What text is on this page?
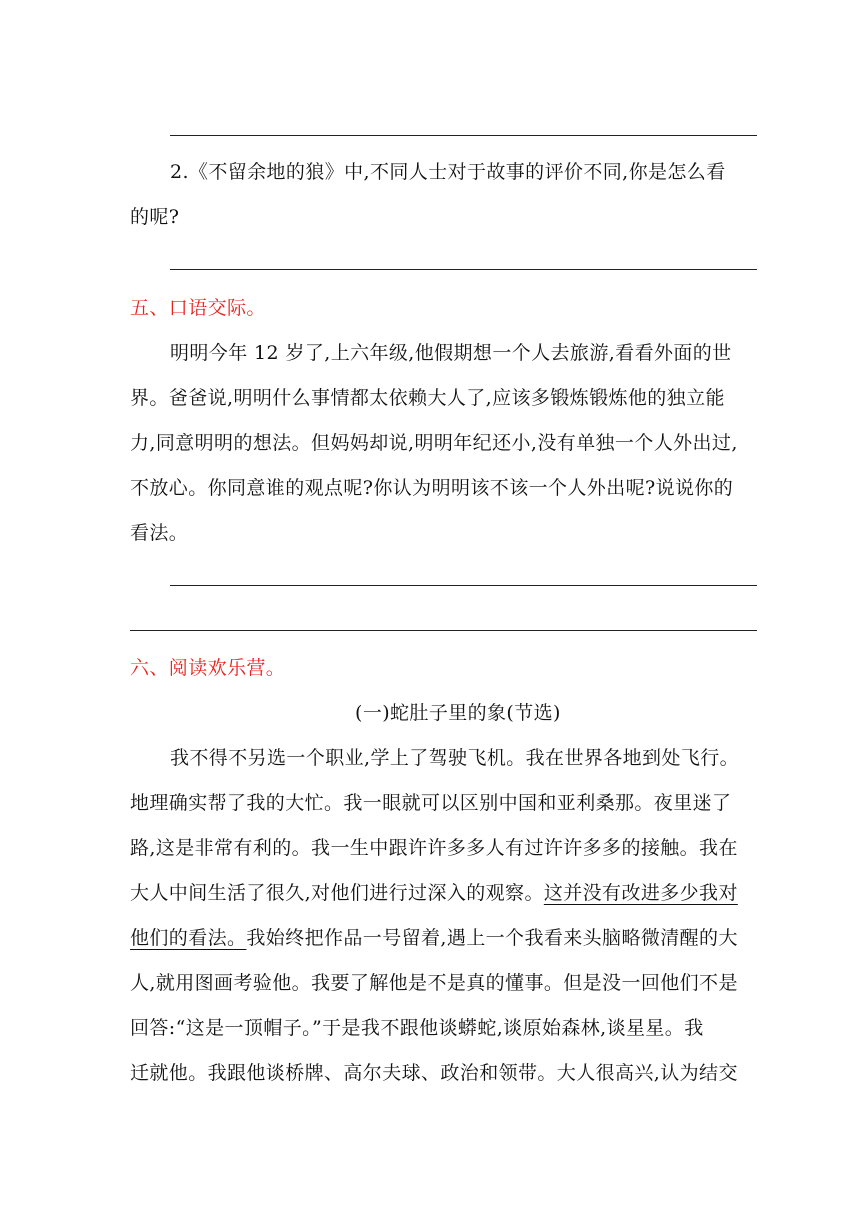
2.《不留余地的狼》中,不同人士对于故事的评价不同,你是怎么看
的呢?
五、口语交际。
明明今年 12 岁了,上六年级,他假期想一个人去旅游,看看外面的世
界。爸爸说,明明什么事情都太依赖大人了,应该多锻炼锻炼他的独立能
力,同意明明的想法。但妈妈却说,明明年纪还小,没有单独一个人外出过,
不放心。你同意谁的观点呢?你认为明明该不该一个人外出呢?说说你的
看法。
六、阅读欢乐营。
(一)蛇肚子里的象(节选)
我不得不另选一个职业,学上了驾驶飞机。我在世界各地到处飞行。
地理确实帮了我的大忙。我一眼就可以区别中国和亚利桑那。夜里迷了
路,这是非常有利的。我一生中跟许许多多人有过许许多多的接触。我在
大人中间生活了很久,对他们进行过深入的观察。这并没有改进多少我对
他们的看法。我始终把作品一号留着,遇上一个我看来头脑略微清醒的大
人,就用图画考验他。我要了解他是不是真的懂事。但是没一回他们不是
回答:“这是一顶帽子。”于是我不跟他谈蟒蛇,谈原始森林,谈星星。我
迁就他。我跟他谈桥牌、高尔夫球、政治和领带。大人很高兴,认为结交
